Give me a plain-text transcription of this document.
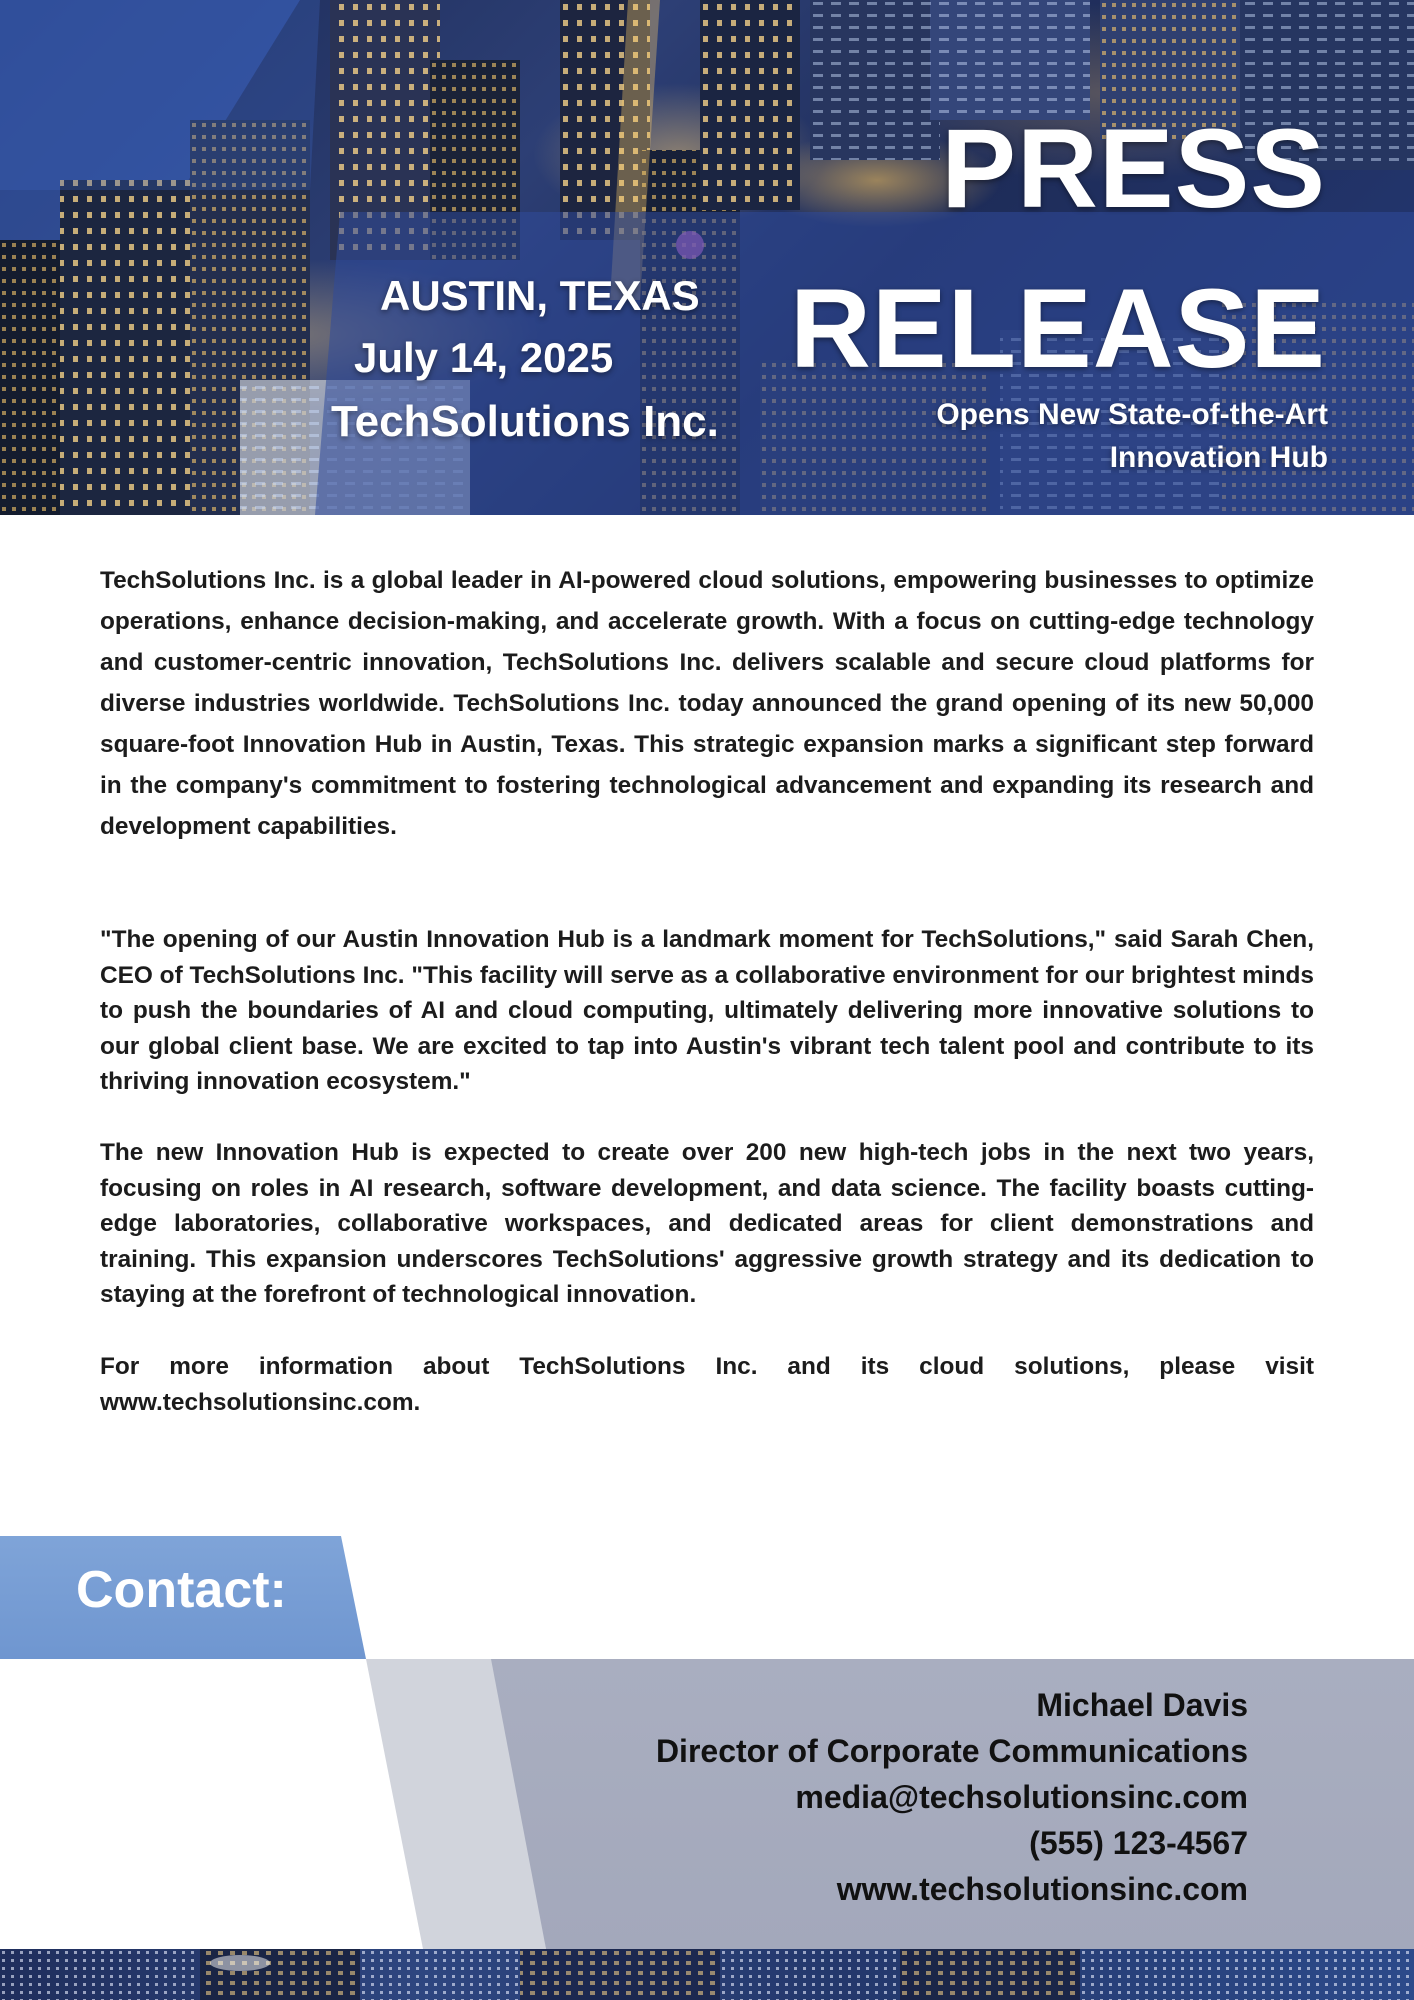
PRESS
RELEASE
Opens New State-of-the-Art
Innovation Hub
AUSTIN, TEXAS
July 14, 2025
TechSolutions Inc.
TechSolutions Inc. is a global leader in AI-powered cloud solutions, empowering businesses to optimize operations, enhance decision-making, and accelerate growth. With a focus on cutting-edge technology and customer-centric innovation, TechSolutions Inc. delivers scalable and secure cloud platforms for diverse industries worldwide. TechSolutions Inc. today announced the grand opening of its new 50,000 square-foot Innovation Hub in Austin, Texas. This strategic expansion marks a significant step forward in the company's commitment to fostering technological advancement and expanding its research and development capabilities.
"The opening of our Austin Innovation Hub is a landmark moment for TechSolutions," said Sarah Chen, CEO of TechSolutions Inc. "This facility will serve as a collaborative environment for our brightest minds to push the boundaries of AI and cloud computing, ultimately delivering more innovative solutions to our global client base. We are excited to tap into Austin's vibrant tech talent pool and contribute to its thriving innovation ecosystem."
The new Innovation Hub is expected to create over 200 new high-tech jobs in the next two years, focusing on roles in AI research, software development, and data science. The facility boasts cutting-edge laboratories, collaborative workspaces, and dedicated areas for client demonstrations and training. This expansion underscores TechSolutions' aggressive growth strategy and its dedication to staying at the forefront of technological innovation.
For more information about TechSolutions Inc. and its cloud solutions, please visit www.techsolutionsinc.com.
Contact:
Michael Davis
Director of Corporate Communications
media@techsolutionsinc.com
(555) 123-4567
www.techsolutionsinc.com
